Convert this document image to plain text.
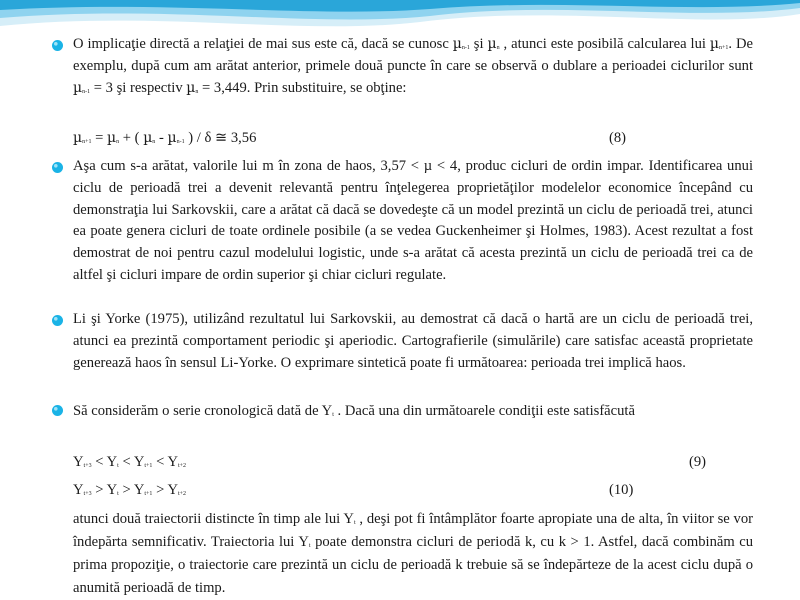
O implicaţie directă a relaţiei de mai sus este că, dacă se cunosc µ$_{n-1}$ şi µ$_n$ , atunci este posibilă calcularea lui µ$_{n+1}$. De exemplu, după cum am arătat anterior, primele două puncte în care se observă o dublare a perioadei ciclurilor sunt µ$_{n-1}$ = 3 şi respectiv µ$_n$ = 3,449. Prin substituire, se obţine:
µ$_{n+1}$ = µ$_n$ + ( µ$_n$ - µ$_{n-1}$ ) / δ ≅ 3,56	(8)
Aşa cum s-a arătat, valorile lui m în zona de haos, 3,57 < µ < 4, produc cicluri de ordin impar. Identificarea unui ciclu de perioadă trei a devenit relevantă pentru înţelegerea proprietăţilor modelelor economice începând cu demonstraţia lui Sarkovskii, care a arătat că dacă se dovedeşte că un model prezintă un ciclu de perioadă trei, atunci ea poate genera cicluri de toate ordinele posibile (a se vedea Guckenheimer şi Holmes, 1983). Acest rezultat a fost demostrat de noi pentru cazul modelului logistic, unde s-a arătat că acesta prezintă un ciclu de perioadă trei ca de altfel şi cicluri impare de ordin superior şi chiar cicluri regulate.
Li şi Yorke (1975), utilizând rezultatul lui Sarkovskii, au demostrat că dacă o hartă are un ciclu de perioadă trei, atunci ea prezintă comportament periodic şi aperiodic. Cartografierile (simulările) care satisfac această proprietate generează haos în sensul Li-Yorke. O exprimare sintetică poate fi următoarea: perioada trei implică haos.
Să considerăm o serie cronologică dată de $Y_t$ . Dacă una din următoarele condiţii este satisfăcută
$Y_{t+3} < Y_t < Y_{t+1} < Y_{t+2}$	(9)
$Y_{t+3} > Y_t > Y_{t+1} > Y_{t+2}$	(10)
atunci două traiectorii distincte în timp ale lui $Y_t$ , deşi pot fi întâmplător foarte apropiate una de alta, în viitor se vor îndepărta semnificativ. Traiectoria lui $Y_t$ poate demonstra cicluri de periodă k, cu k > 1. Astfel, dacă combinăm cu prima propoziţie, o traiectorie care prezintă un ciclu de perioadă k trebuie să se îndepărteze de la acest ciclu după o anumită perioadă de timp.
